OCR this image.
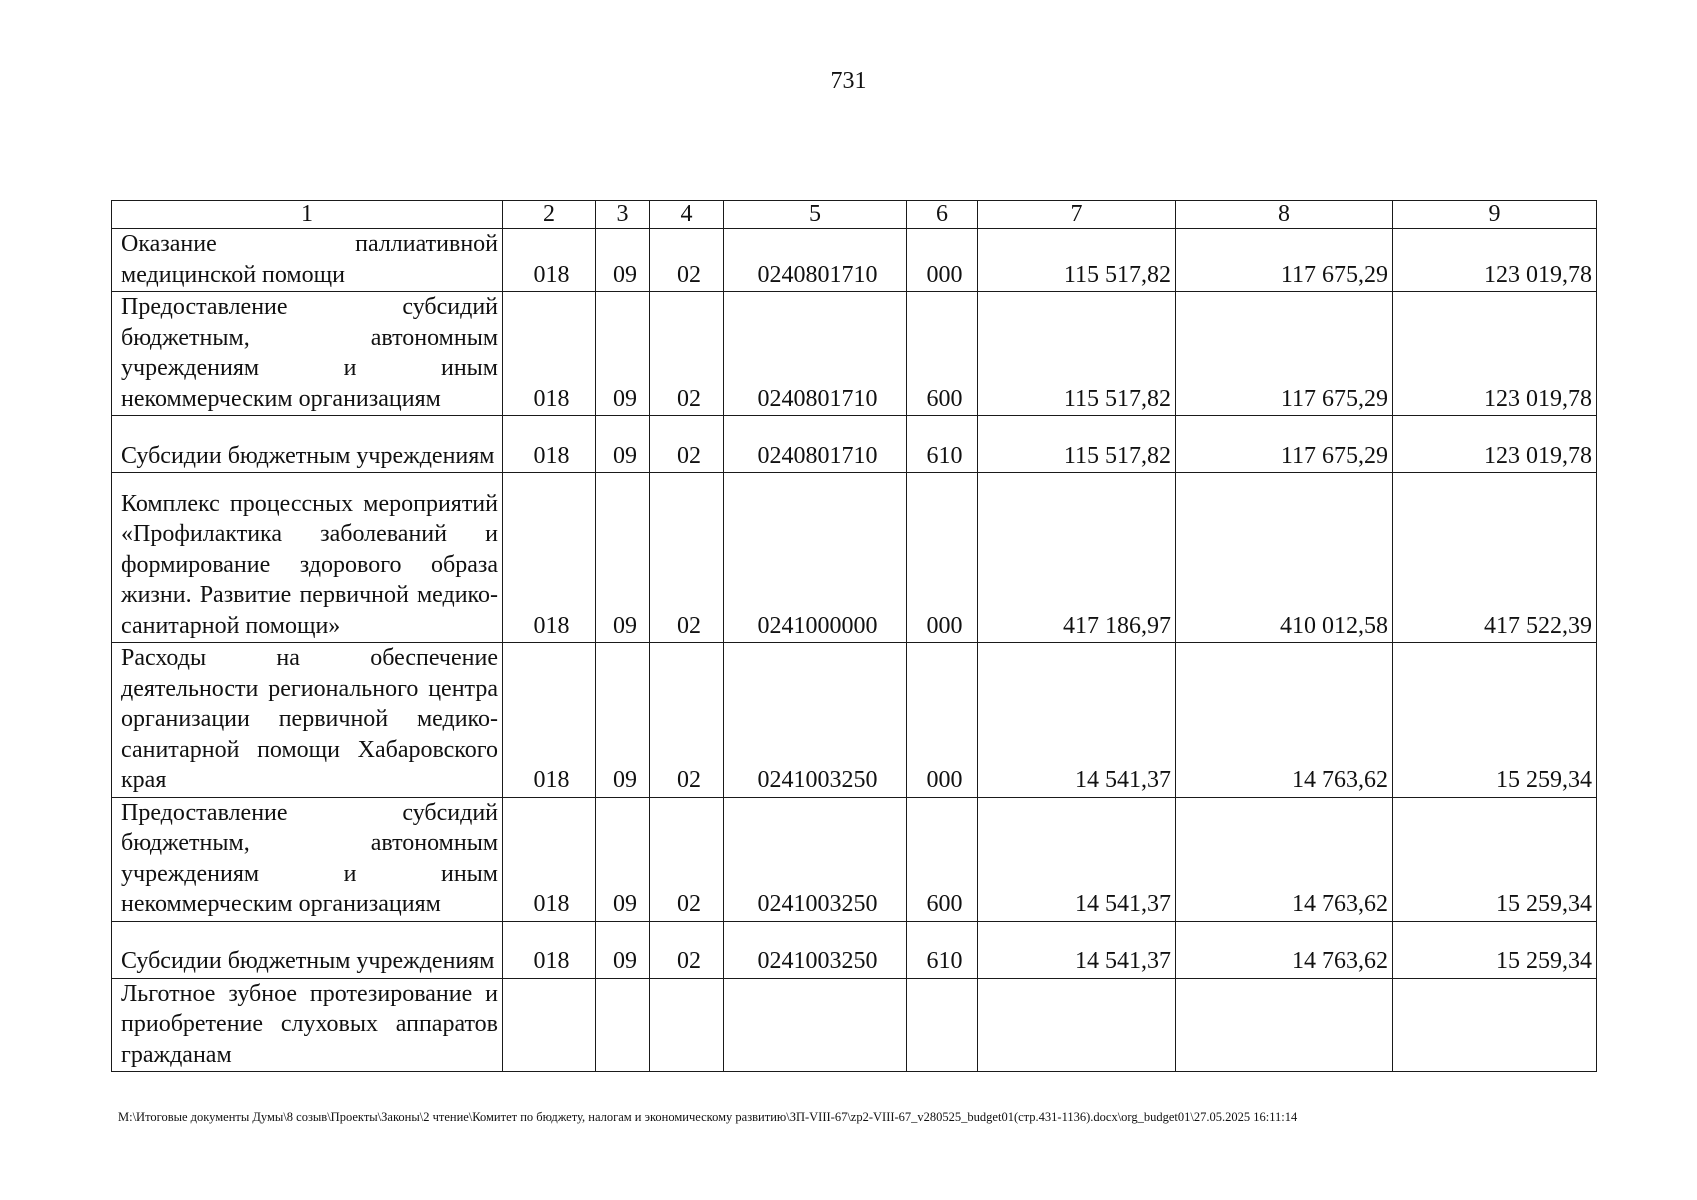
731
1	2	3	4	5	6	7	8	9

Оказание паллиативной медицинской помощи	018	09	02	0240801710	000	115 517,82	117 675,29	123 019,78

Предоставление субсидий бюджетным, автономным учреждениям и иным некоммерческим организациям	018	09	02	0240801710	600	115 517,82	117 675,29	123 019,78

Субсидии бюджетным учреждениям	018	09	02	0240801710	610	115 517,82	117 675,29	123 019,78

Комплекс процессных мероприятий «Профилактика заболеваний и формирование здорового образа жизни. Развитие первичной медико-санитарной помощи»	018	09	02	0241000000	000	417 186,97	410 012,58	417 522,39

Расходы на обеспечение деятельности регионального центра организации первичной медико-санитарной помощи Хабаровского края	018	09	02	0241003250	000	14 541,37	14 763,62	15 259,34

Предоставление субсидий бюджетным, автономным учреждениям и иным некоммерческим организациям	018	09	02	0241003250	600	14 541,37	14 763,62	15 259,34

Субсидии бюджетным учреждениям	018	09	02	0241003250	610	14 541,37	14 763,62	15 259,34

Льготное зубное протезирование и приобретение слуховых аппаратов гражданам								

M:\Итоговые документы Думы\8 созыв\Проекты\Законы\2 чтение\Комитет по бюджету, налогам и экономическому развитию\ЗП-VIII-67\zp2-VIII-67_v280525_budget01(стр.431-1136).docx\org_budget01\27.05.2025 16:11:14
